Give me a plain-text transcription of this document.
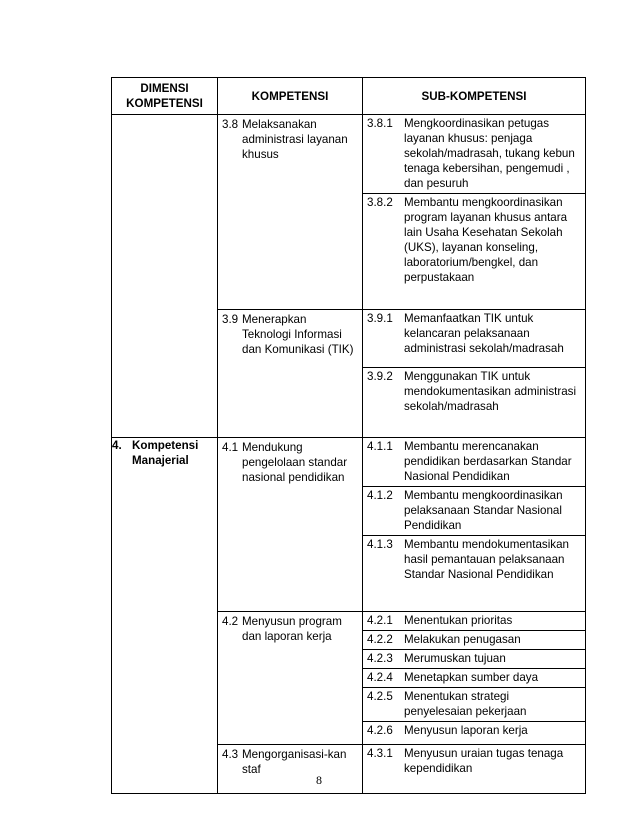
DIMENSI KOMPETENSI	KOMPETENSI	SUB-KOMPETENSI
	3.8 Melaksanakan administrasi layanan khusus	3.8.1 Mengkoordinasikan petugas layanan khusus: penjaga sekolah/madrasah, tukang kebun tenaga kebersihan, pengemudi , dan pesuruh
		3.8.2 Membantu mengkoordinasikan program layanan khusus antara lain Usaha Kesehatan Sekolah (UKS), layanan konseling, laboratorium/bengkel, dan perpustakaan
	3.9 Menerapkan Teknologi Informasi dan Komunikasi (TIK)	3.9.1 Memanfaatkan TIK untuk kelancaran pelaksanaan administrasi sekolah/madrasah
		3.9.2 Menggunakan TIK untuk mendokumentasikan administrasi sekolah/madrasah
4. Kompetensi Manajerial	4.1 Mendukung pengelolaan standar nasional pendidikan	4.1.1 Membantu merencanakan pendidikan berdasarkan Standar Nasional Pendidikan
		4.1.2 Membantu mengkoordinasikan pelaksanaan Standar Nasional Pendidikan
		4.1.3 Membantu mendokumentasikan hasil pemantauan pelaksanaan Standar Nasional Pendidikan
	4.2 Menyusun program dan laporan kerja	4.2.1 Menentukan prioritas
		4.2.2 Melakukan penugasan
		4.2.3 Merumuskan tujuan
		4.2.4 Menetapkan sumber daya
		4.2.5 Menentukan strategi penyelesaian pekerjaan
		4.2.6 Menyusun laporan kerja
	4.3 Mengorganisasi-kan staf	4.3.1 Menyusun uraian tugas tenaga kependidikan
8
